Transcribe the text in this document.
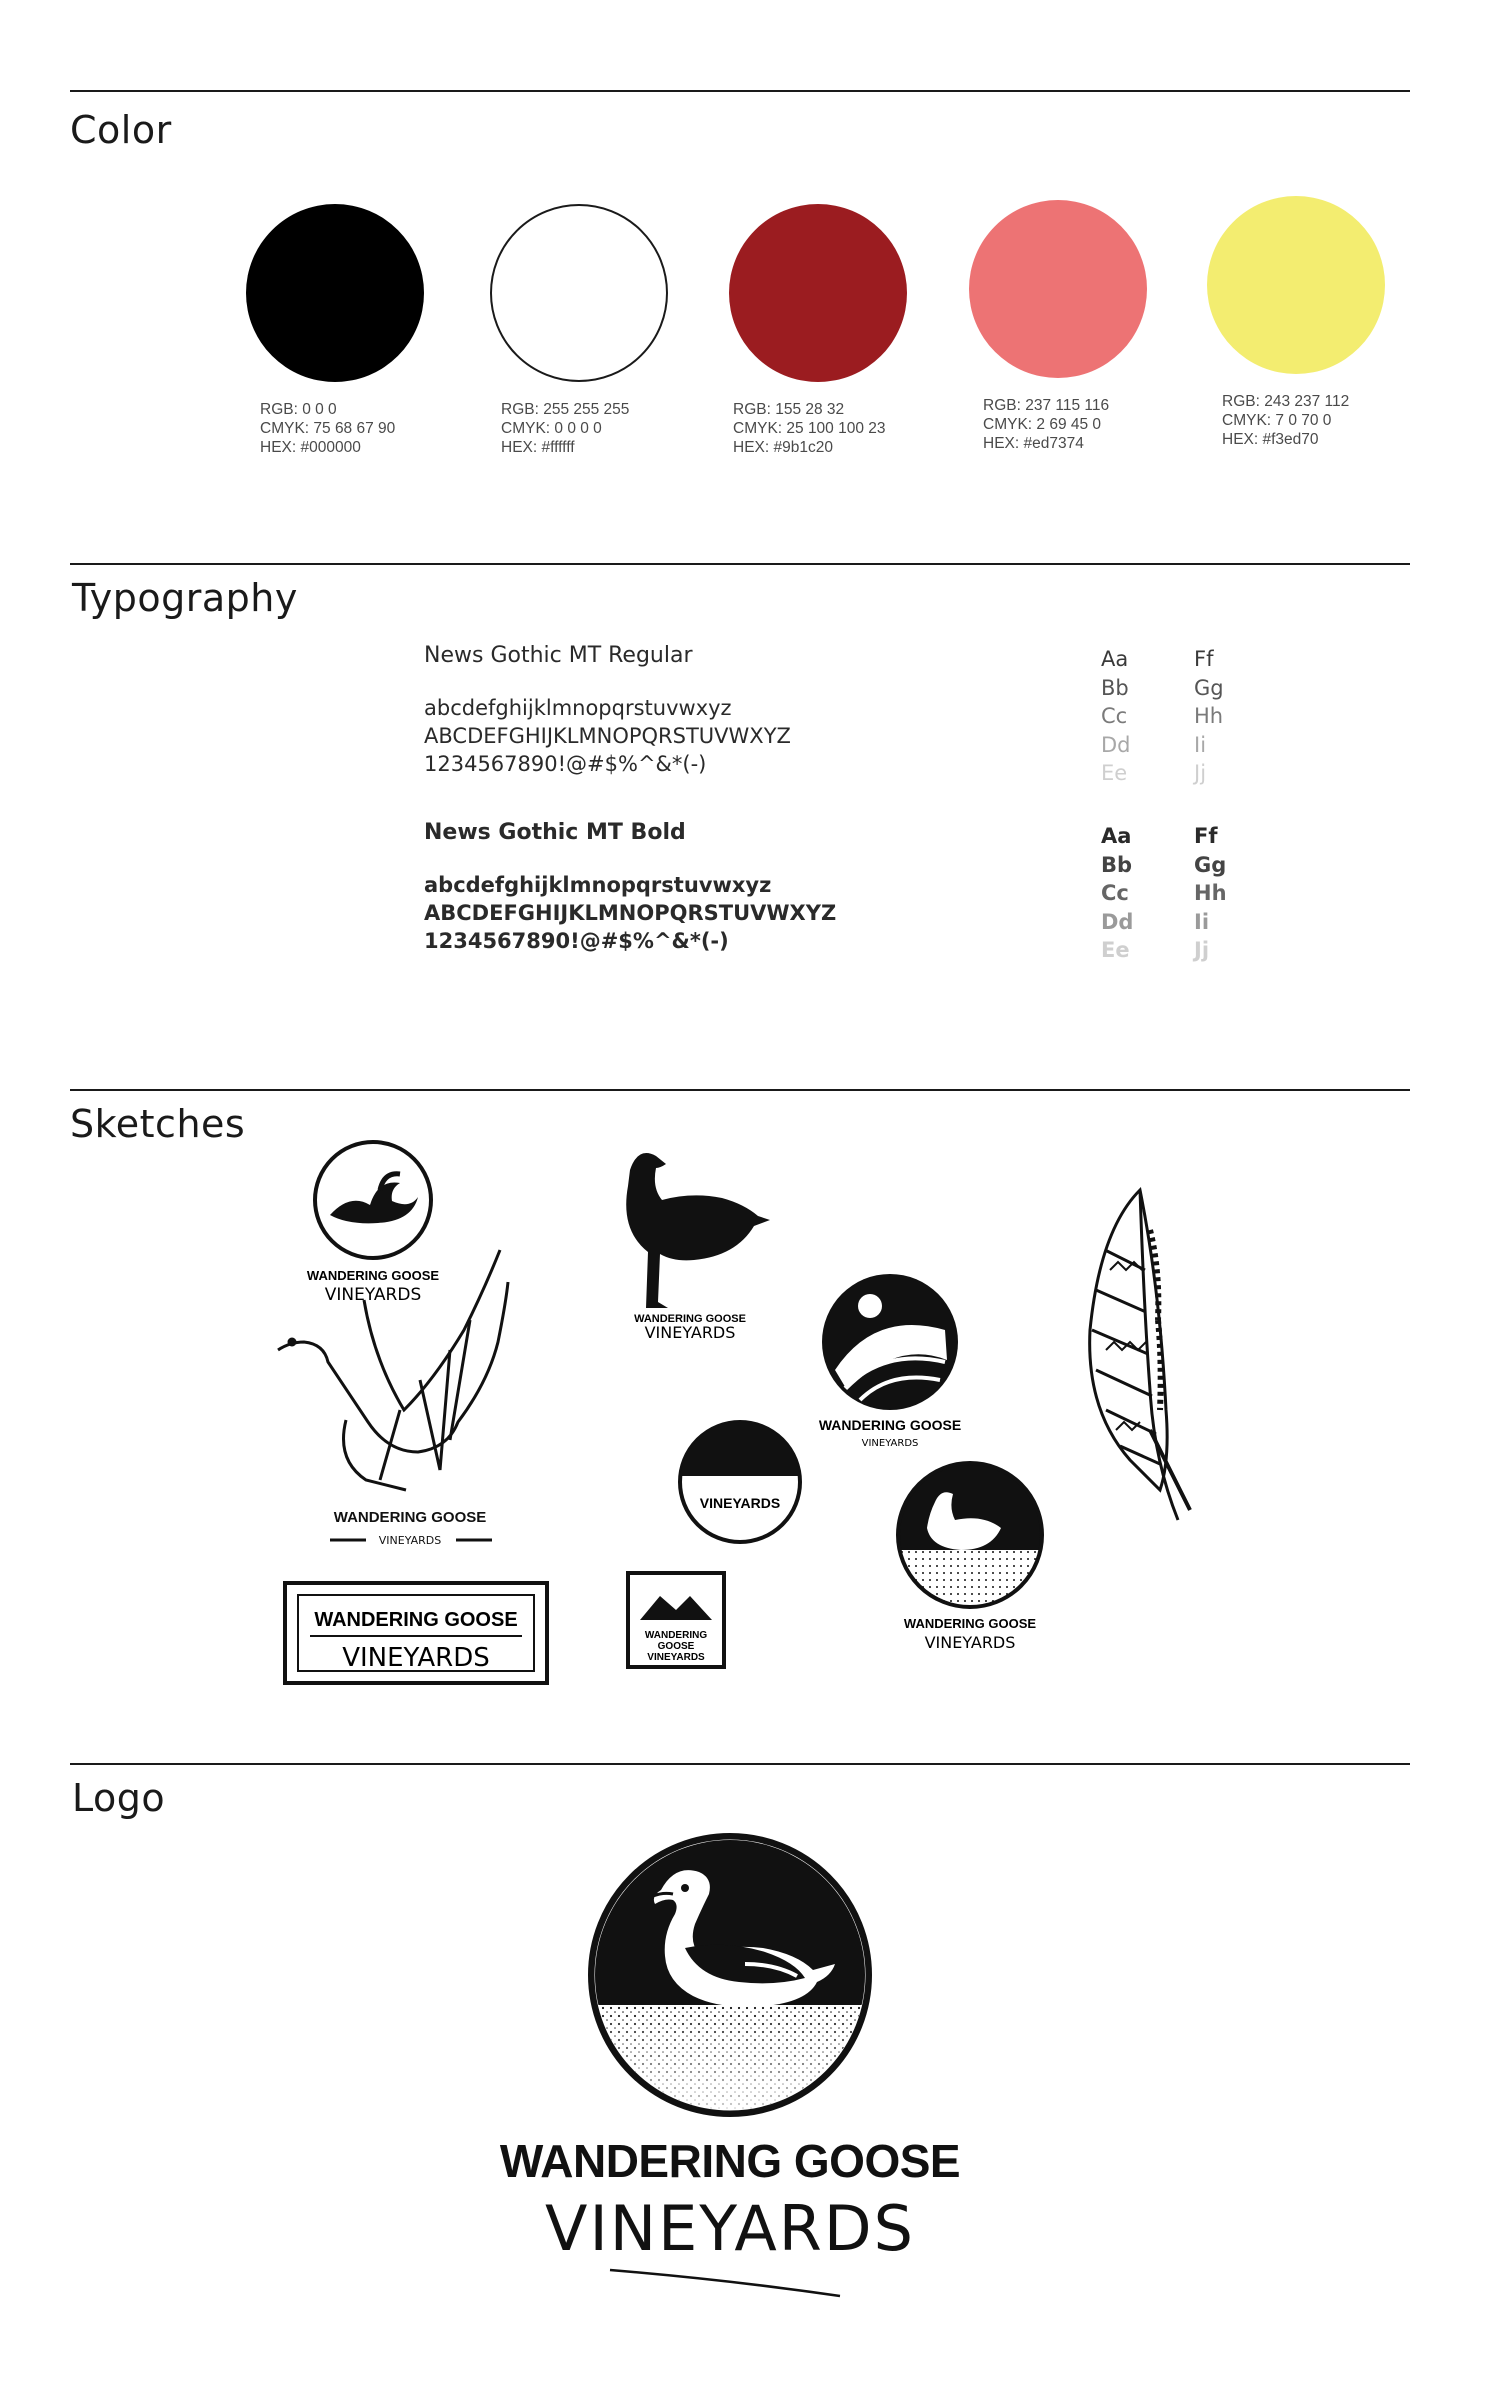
Color
RGB: 0 0 0
CMYK: 75 68 67 90
HEX: #000000
RGB: 255 255 255
CMYK: 0 0 0 0
HEX: #ffffff
RGB: 155 28 32
CMYK: 25 100 100 23
HEX: #9b1c20
RGB: 237 115 116
CMYK: 2 69 45 0
HEX: #ed7374
RGB: 243 237 112
CMYK: 7 0 70 0
HEX: #f3ed70
Typography
News Gothic MT Regular
abcdefghijklmnopqrstuvwxyz
ABCDEFGHIJKLMNOPQRSTUVWXYZ
1234567890!@#$%^&*(-)
Aa
Bb
Cc
Dd
Ee
Ff
Gg
Hh
Ii
Jj
News Gothic MT Bold
abcdefghijklmnopqrstuvwxyz
ABCDEFGHIJKLMNOPQRSTUVWXYZ
1234567890!@#$%^&*(-)
Aa
Bb
Cc
Dd
Ee
Ff
Gg
Hh
Ii
Jj
Sketches
WANDERING GOOSE
VINEYARDS
WANDERING GOOSE
VINEYARDS
WANDERING GOOSE
VINEYARDS
WANDERING GOOSE
VINEYARDS
VINEYARDS
WANDERING GOOSE
VINEYARDS
WANDERING GOOSE
VINEYARDS
WANDERING
GOOSE
VINEYARDS
Logo
WANDERING GOOSE
VINEYARDS
